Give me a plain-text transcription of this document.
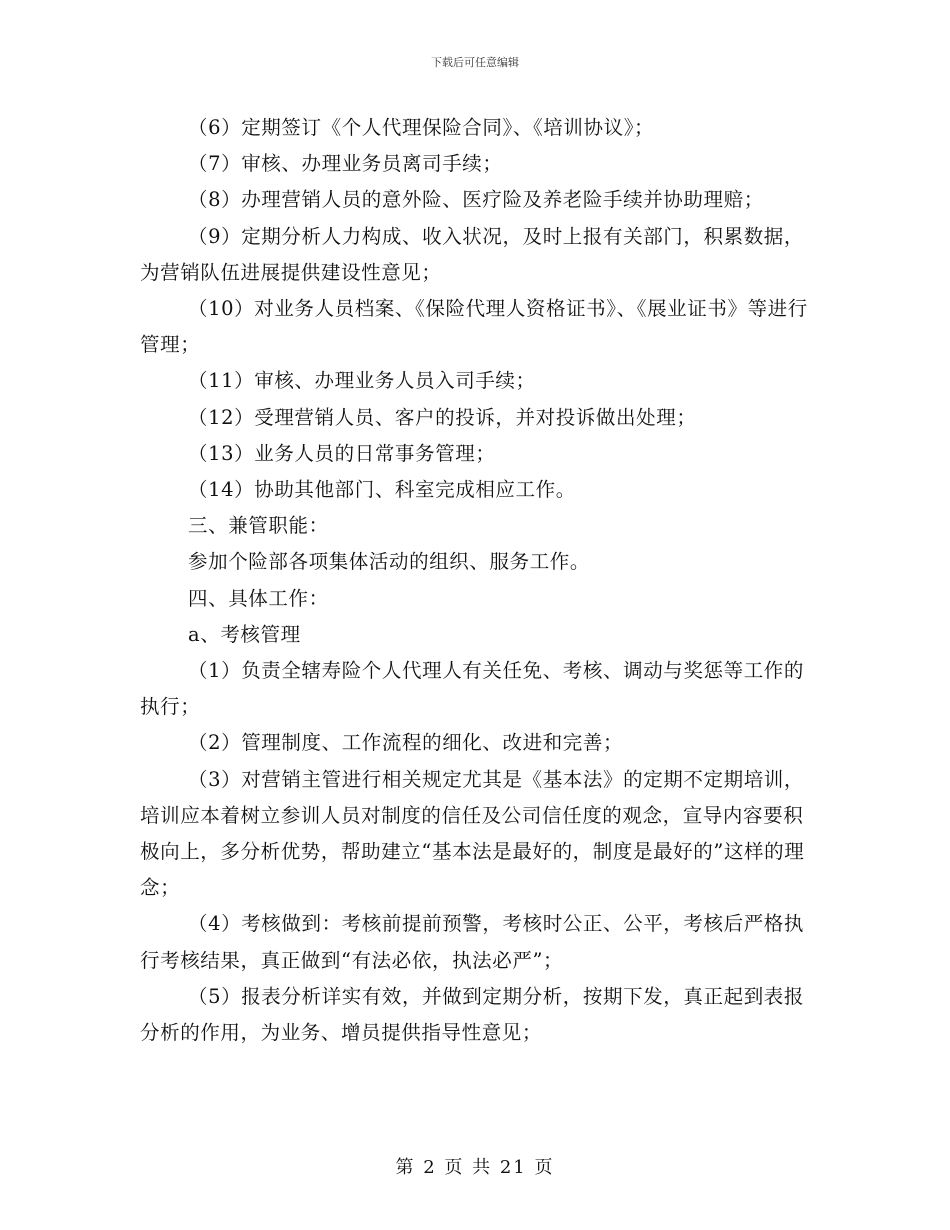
下载后可任意编辑

（6）定期签订《个人代理保险合同》、《培训协议》；

（7）审核、办理业务员离司手续；

（8）办理营销人员的意外险、医疗险及养老险手续并协助理赔；

（9）定期分析人力构成、收入状况，及时上报有关部门，积累数据，为营销队伍进展提供建设性意见；

（10）对业务人员档案、《保险代理人资格证书》、《展业证书》等进行管理；

（11）审核、办理业务人员入司手续；

（12）受理营销人员、客户的投诉，并对投诉做出处理；

（13）业务人员的日常事务管理；

（14）协助其他部门、科室完成相应工作。

三、兼管职能：

参加个险部各项集体活动的组织、服务工作。

四、具体工作：

a、考核管理

（1）负责全辖寿险个人代理人有关任免、考核、调动与奖惩等工作的执行；

（2）管理制度、工作流程的细化、改进和完善；

（3）对营销主管进行相关规定尤其是《基本法》的定期不定期培训，培训应本着树立参训人员对制度的信任及公司信任度的观念，宣导内容要积极向上，多分析优势，帮助建立“基本法是最好的，制度是最好的”这样的理念；

（4）考核做到：考核前提前预警，考核时公正、公平，考核后严格执行考核结果，真正做到“有法必依，执法必严”；

（5）报表分析详实有效，并做到定期分析，按期下发，真正起到表报分析的作用，为业务、增员提供指导性意见；

第 2 页 共 21 页
